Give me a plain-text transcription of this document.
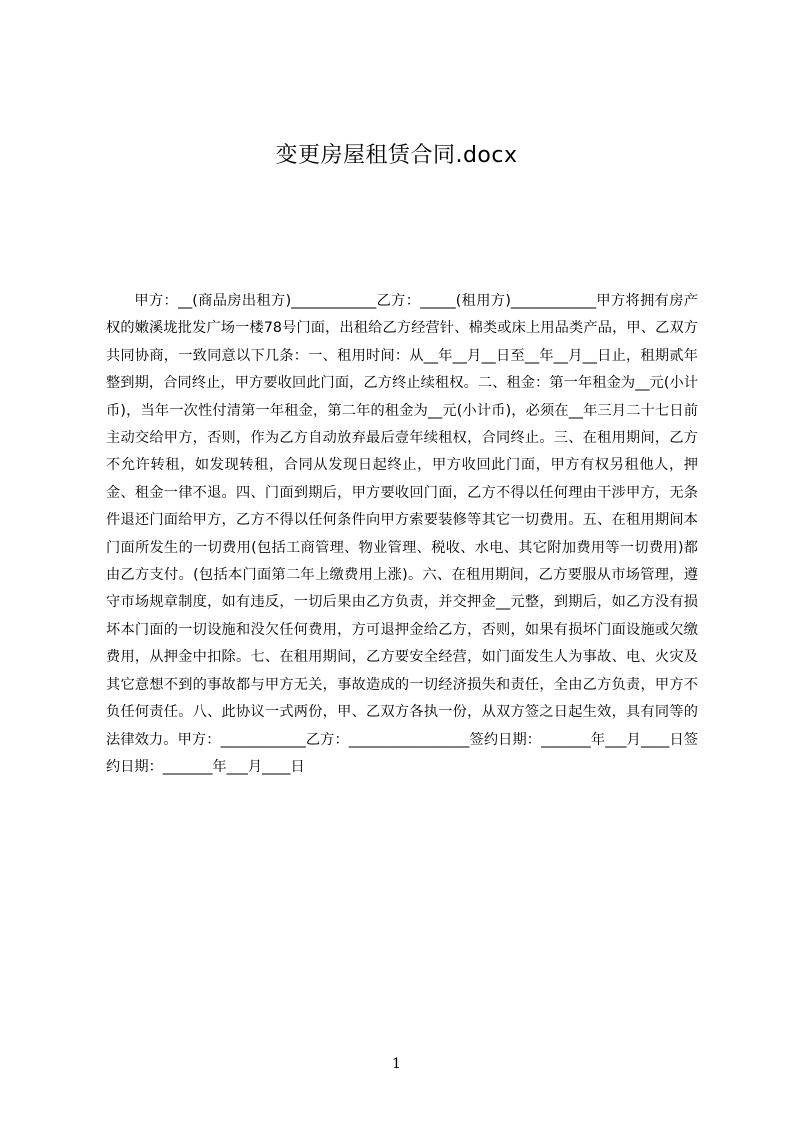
变更房屋租赁合同.docx

甲方：__(商品房出租方)____________乙方：_____(租用方)____________甲方将拥有房产权的嫩溪垅批发广场一楼78号门面，出租给乙方经营针、棉类或床上用品类产品，甲、乙双方共同协商，一致同意以下几条：一、租用时间：从__年__月__日至__年__月__日止，租期贰年整到期，合同终止，甲方要收回此门面，乙方终止续租权。二、租金：第一年租金为__元(小计币)，当年一次性付清第一年租金，第二年的租金为__元(小计币)，必须在__年三月二十七日前主动交给甲方，否则，作为乙方自动放弃最后壹年续租权，合同终止。三、在租用期间，乙方不允许转租，如发现转租，合同从发现日起终止，甲方收回此门面，甲方有权另租他人，押金、租金一律不退。四、门面到期后，甲方要收回门面，乙方不得以任何理由干涉甲方，无条件退还门面给甲方，乙方不得以任何条件向甲方索要装修等其它一切费用。五、在租用期间本门面所发生的一切费用(包括工商管理、物业管理、税收、水电、其它附加费用等一切费用)都由乙方支付。(包括本门面第二年上缴费用上涨)。六、在租用期间，乙方要服从市场管理，遵守市场规章制度，如有违反，一切后果由乙方负责，并交押金__元整，到期后，如乙方没有损坏本门面的一切设施和没欠任何费用，方可退押金给乙方，否则，如果有损坏门面设施或欠缴费用，从押金中扣除。七、在租用期间，乙方要安全经营，如门面发生人为事故、电、火灾及其它意想不到的事故都与甲方无关，事故造成的一切经济损失和责任，全由乙方负责，甲方不负任何责任。八、此协议一式两份，甲、乙双方各执一份，从双方签之日起生效，具有同等的法律效力。甲方：____________乙方：_________________签约日期：_______年___月____日签约日期：_______年___月____日

1
